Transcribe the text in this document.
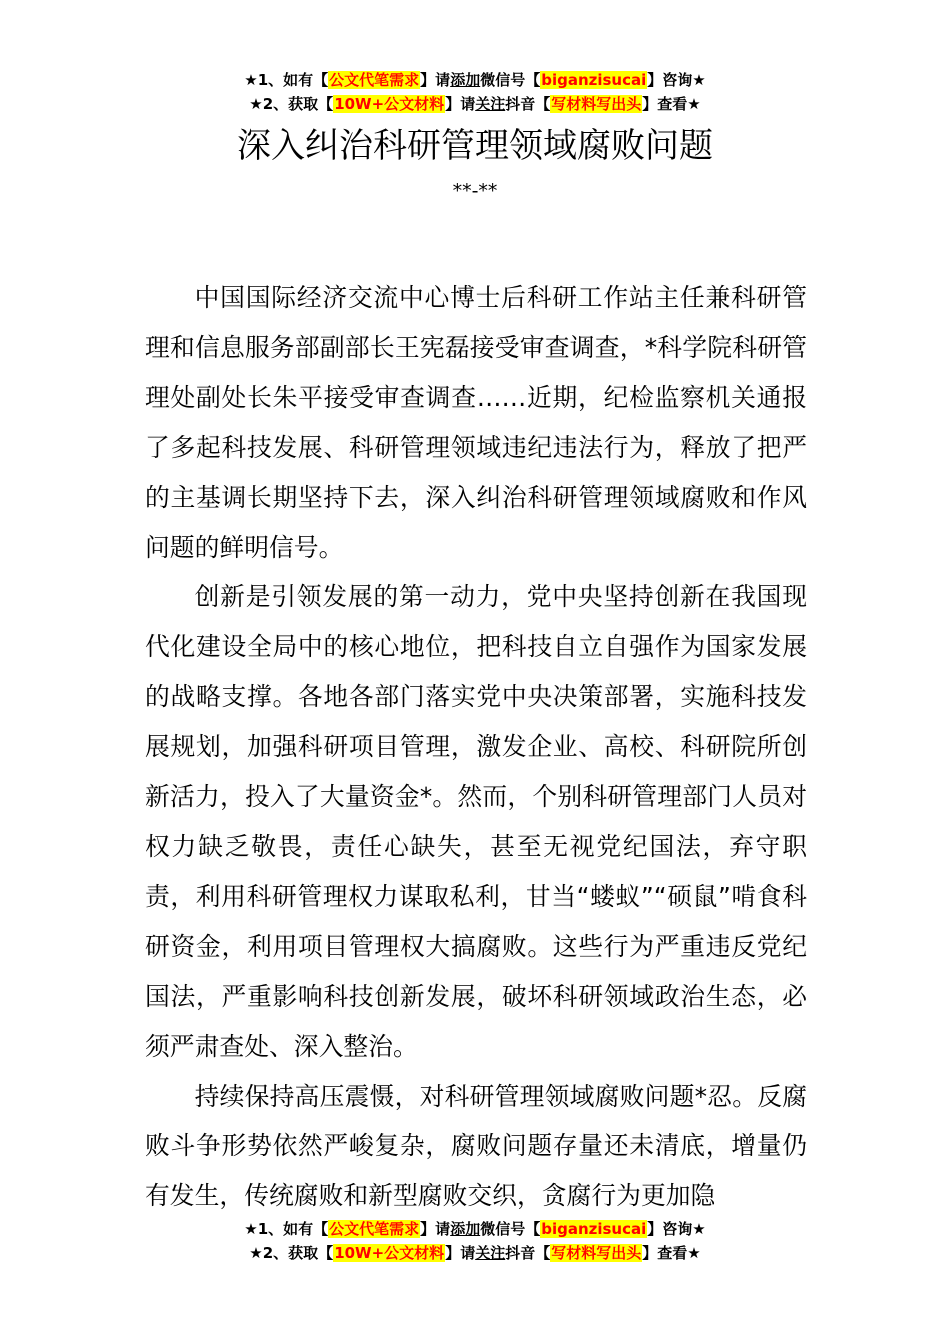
★1、如有【公文代笔需求】请添加微信号【biganzisucai】咨询★
★2、获取【10W+公文材料】请关注抖音【写材料写出头】查看★
深入纠治科研管理领域腐败问题
**-**

中国国际经济交流中心博士后科研工作站主任兼科研管理和信息服务部副部长王宪磊接受审查调查，*科学院科研管理处副处长朱平接受审查调查……近期，纪检监察机关通报了多起科技发展、科研管理领域违纪违法行为，释放了把严的主基调长期坚持下去，深入纠治科研管理领域腐败和作风问题的鲜明信号。

创新是引领发展的第一动力，党中央坚持创新在我国现代化建设全局中的核心地位，把科技自立自强作为国家发展的战略支撑。各地各部门落实党中央决策部署，实施科技发展规划，加强科研项目管理，激发企业、高校、科研院所创新活力，投入了大量资金*。然而，个别科研管理部门人员对权力缺乏敬畏，责任心缺失，甚至无视党纪国法，弃守职责，利用科研管理权力谋取私利，甘当“蝼蚁”“硕鼠”啃食科研资金，利用项目管理权大搞腐败。这些行为严重违反党纪国法，严重影响科技创新发展，破坏科研领域政治生态，必须严肃查处、深入整治。

持续保持高压震慑，对科研管理领域腐败问题*忍。反腐败斗争形势依然严峻复杂，腐败问题存量还未清底，增量仍有发生，传统腐败和新型腐败交织，贪腐行为更加隐

★1、如有【公文代笔需求】请添加微信号【biganzisucai】咨询★
★2、获取【10W+公文材料】请关注抖音【写材料写出头】查看★
